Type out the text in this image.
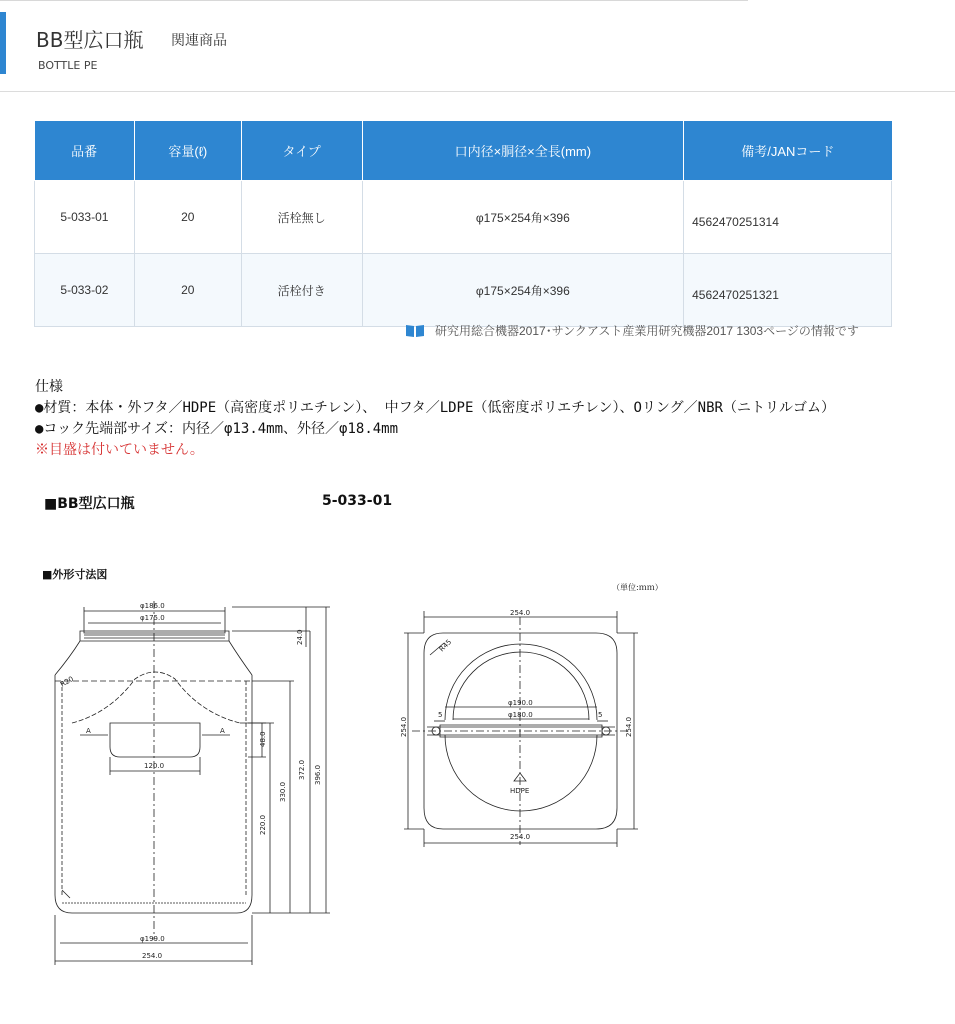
BB型広口瓶 関連商品
BOTTLE PE
品番	容量(ℓ)	タイプ	口内径×胴径×全長(mm)	備考/JANコード
5-033-01	20	活栓無し	φ175×254角×396	4562470251314
5-033-02	20	活栓付き	φ175×254角×396	4562470251321
研究用総合機器2017･サンクアスト産業用研究機器2017 1303ページの情報です
仕様
●材質：本体・外フタ／HDPE（高密度ポリエチレン）、 中フタ／LDPE（低密度ポリエチレン）、Oリング／NBR（ニトリルゴム）
●コック先端部サイズ：内径／φ13.4mm、外径／φ18.4mm
※目盛は付いていません。
■BB型広口瓶	5-033-01
■外形寸法図
（単位:ｍｍ）
φ186.0
φ175.0
R20
A	A
120.0
48.0
24.0
330.0
372.0 396.0
220.0
φ199.0
254.0
254.0
R45
φ190.0
φ180.0
5	5
254.0	254.0
254.0
HDPE
